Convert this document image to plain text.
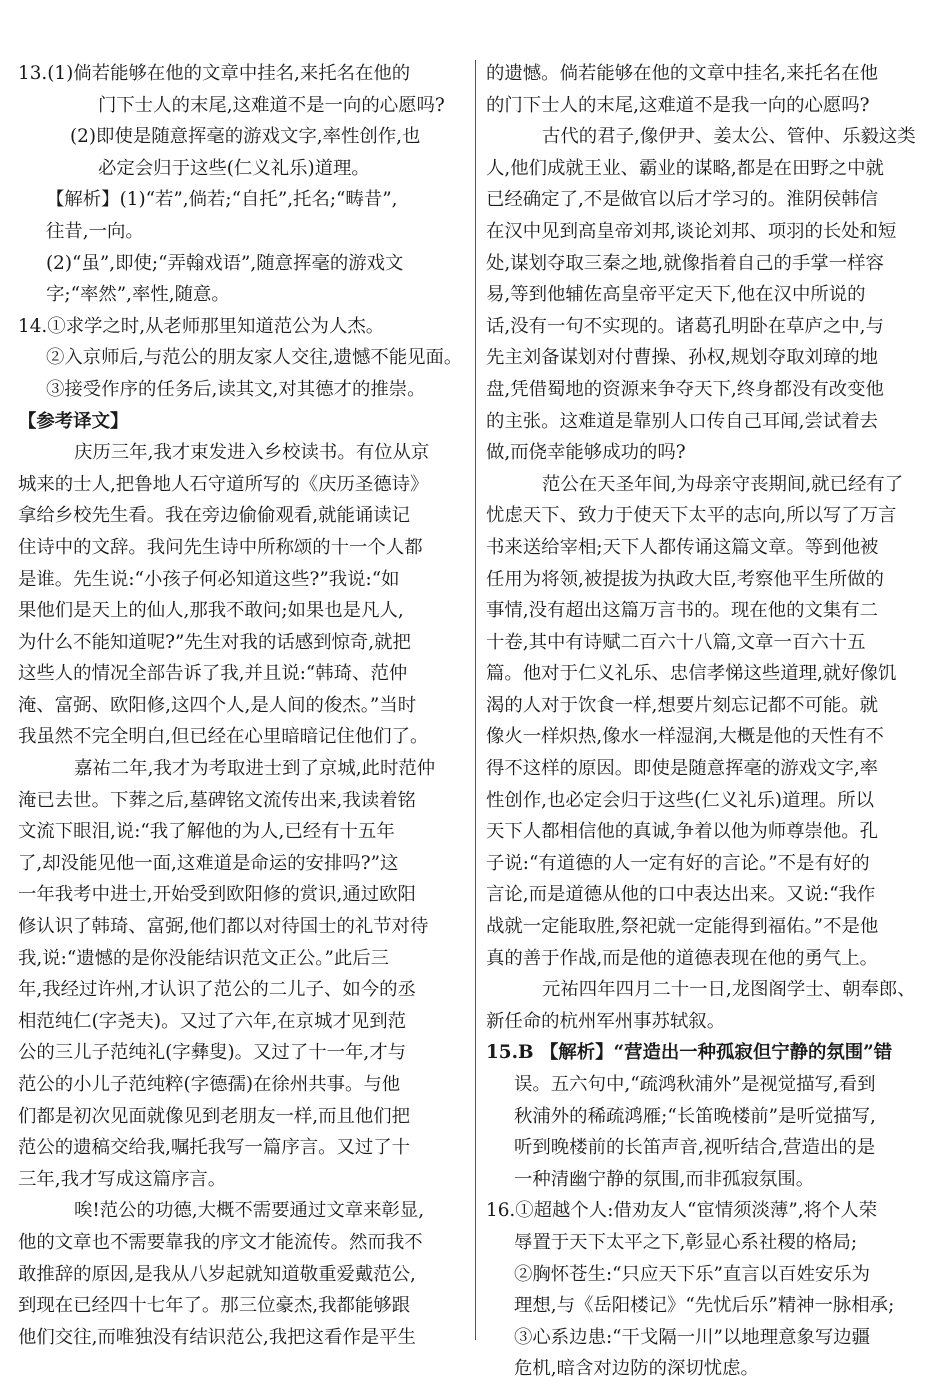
13.(1)倘若能够在他的文章中挂名,来托名在他的
门下士人的末尾,这难道不是一向的心愿吗?
(2)即使是随意挥毫的游戏文字,率性创作,也
必定会归于这些(仁义礼乐)道理。
【解析】(1)“若”,倘若;“自托”,托名;“畴昔”,
往昔,一向。
(2)“虽”,即使;“弄翰戏语”,随意挥毫的游戏文
字;“率然”,率性,随意。
14.①求学之时,从老师那里知道范公为人杰。
②入京师后,与范公的朋友家人交往,遗憾不能见面。
③接受作序的任务后,读其文,对其德才的推崇。
【参考译文】
庆历三年,我才束发进入乡校读书。有位从京
城来的士人,把鲁地人石守道所写的《庆历圣德诗》
拿给乡校先生看。我在旁边偷偷观看,就能诵读记
住诗中的文辞。我问先生诗中所称颂的十一个人都
是谁。先生说:“小孩子何必知道这些?”我说:“如
果他们是天上的仙人,那我不敢问;如果也是凡人,
为什么不能知道呢?”先生对我的话感到惊奇,就把
这些人的情况全部告诉了我,并且说:“韩琦、范仲
淹、富弼、欧阳修,这四个人,是人间的俊杰。”当时
我虽然不完全明白,但已经在心里暗暗记住他们了。
嘉祐二年,我才为考取进士到了京城,此时范仲
淹已去世。下葬之后,墓碑铭文流传出来,我读着铭
文流下眼泪,说:“我了解他的为人,已经有十五年
了,却没能见他一面,这难道是命运的安排吗?”这
一年我考中进士,开始受到欧阳修的赏识,通过欧阳
修认识了韩琦、富弼,他们都以对待国士的礼节对待
我,说:“遗憾的是你没能结识范文正公。”此后三
年,我经过许州,才认识了范公的二儿子、如今的丞
相范纯仁(字尧夫)。又过了六年,在京城才见到范
公的三儿子范纯礼(字彝叟)。又过了十一年,才与
范公的小儿子范纯粹(字德孺)在徐州共事。与他
们都是初次见面就像见到老朋友一样,而且他们把
范公的遗稿交给我,嘱托我写一篇序言。又过了十
三年,我才写成这篇序言。
唉!范公的功德,大概不需要通过文章来彰显,
他的文章也不需要靠我的序文才能流传。然而我不
敢推辞的原因,是我从八岁起就知道敬重爱戴范公,
到现在已经四十七年了。那三位豪杰,我都能够跟
他们交往,而唯独没有结识范公,我把这看作是平生
的遗憾。倘若能够在他的文章中挂名,来托名在他
的门下士人的末尾,这难道不是我一向的心愿吗?
古代的君子,像伊尹、姜太公、管仲、乐毅这类
人,他们成就王业、霸业的谋略,都是在田野之中就
已经确定了,不是做官以后才学习的。淮阴侯韩信
在汉中见到高皇帝刘邦,谈论刘邦、项羽的长处和短
处,谋划夺取三秦之地,就像指着自己的手掌一样容
易,等到他辅佐高皇帝平定天下,他在汉中所说的
话,没有一句不实现的。诸葛孔明卧在草庐之中,与
先主刘备谋划对付曹操、孙权,规划夺取刘璋的地
盘,凭借蜀地的资源来争夺天下,终身都没有改变他
的主张。这难道是靠别人口传自己耳闻,尝试着去
做,而侥幸能够成功的吗?
范公在天圣年间,为母亲守丧期间,就已经有了
忧虑天下、致力于使天下太平的志向,所以写了万言
书来送给宰相;天下人都传诵这篇文章。等到他被
任用为将领,被提拔为执政大臣,考察他平生所做的
事情,没有超出这篇万言书的。现在他的文集有二
十卷,其中有诗赋二百六十八篇,文章一百六十五
篇。他对于仁义礼乐、忠信孝悌这些道理,就好像饥
渴的人对于饮食一样,想要片刻忘记都不可能。就
像火一样炽热,像水一样湿润,大概是他的天性有不
得不这样的原因。即使是随意挥毫的游戏文字,率
性创作,也必定会归于这些(仁义礼乐)道理。所以
天下人都相信他的真诚,争着以他为师尊崇他。孔
子说:“有道德的人一定有好的言论。”不是有好的
言论,而是道德从他的口中表达出来。又说:“我作
战就一定能取胜,祭祀就一定能得到福佑。”不是他
真的善于作战,而是他的道德表现在他的勇气上。
元祐四年四月二十一日,龙图阁学士、朝奉郎、
新任命的杭州军州事苏轼叙。
15.B 【解析】“营造出一种孤寂但宁静的氛围”错
误。五六句中,“疏鸿秋浦外”是视觉描写,看到
秋浦外的稀疏鸿雁;“长笛晚楼前”是听觉描写,
听到晚楼前的长笛声音,视听结合,营造出的是
一种清幽宁静的氛围,而非孤寂氛围。
16.①超越个人:借劝友人“宦情须淡薄”,将个人荣
辱置于天下太平之下,彰显心系社稷的格局;
②胸怀苍生:“只应天下乐”直言以百姓安乐为
理想,与《岳阳楼记》“先忧后乐”精神一脉相承;
③心系边患:“干戈隔一川”以地理意象写边疆
危机,暗含对边防的深切忧虑。
